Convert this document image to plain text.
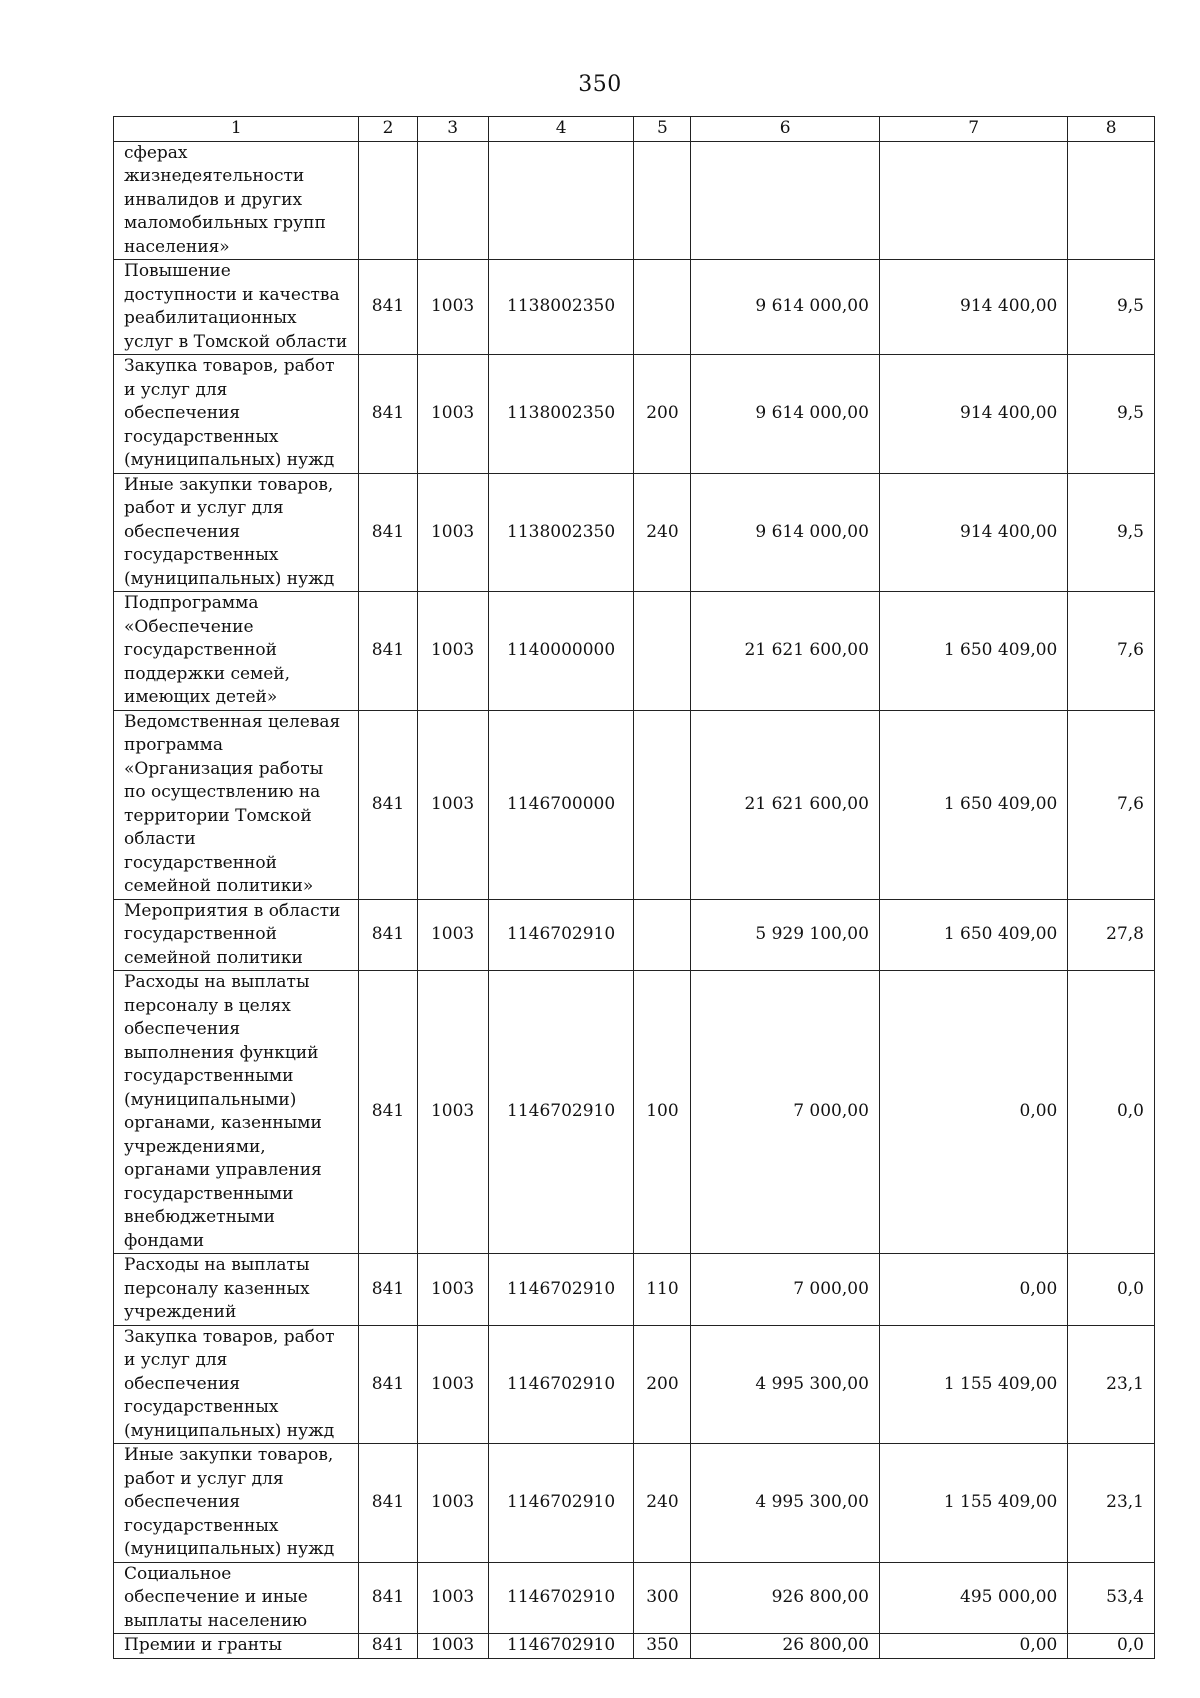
350
1	2	3	4	5	6	7	8
сферах жизнедеятельности инвалидов и других маломобильных групп населения»							
Повышение доступности и качества реабилитационных услуг в Томской области	841	1003	1138002350		9 614 000,00	914 400,00	9,5
Закупка товаров, работ и услуг для обеспечения государственных (муниципальных) нужд	841	1003	1138002350	200	9 614 000,00	914 400,00	9,5
Иные закупки товаров, работ и услуг для обеспечения государственных (муниципальных) нужд	841	1003	1138002350	240	9 614 000,00	914 400,00	9,5
Подпрограмма «Обеспечение государственной поддержки семей, имеющих детей»	841	1003	1140000000		21 621 600,00	1 650 409,00	7,6
Ведомственная целевая программа «Организация работы по осуществлению на территории Томской области государственной семейной политики»	841	1003	1146700000		21 621 600,00	1 650 409,00	7,6
Мероприятия в области государственной семейной политики	841	1003	1146702910		5 929 100,00	1 650 409,00	27,8
Расходы на выплаты персоналу в целях обеспечения выполнения функций государственными (муниципальными) органами, казенными учреждениями, органами управления государственными внебюджетными фондами	841	1003	1146702910	100	7 000,00	0,00	0,0
Расходы на выплаты персоналу казенных учреждений	841	1003	1146702910	110	7 000,00	0,00	0,0
Закупка товаров, работ и услуг для обеспечения государственных (муниципальных) нужд	841	1003	1146702910	200	4 995 300,00	1 155 409,00	23,1
Иные закупки товаров, работ и услуг для обеспечения государственных (муниципальных) нужд	841	1003	1146702910	240	4 995 300,00	1 155 409,00	23,1
Социальное обеспечение и иные выплаты населению	841	1003	1146702910	300	926 800,00	495 000,00	53,4
Премии и гранты	841	1003	1146702910	350	26 800,00	0,00	0,0
